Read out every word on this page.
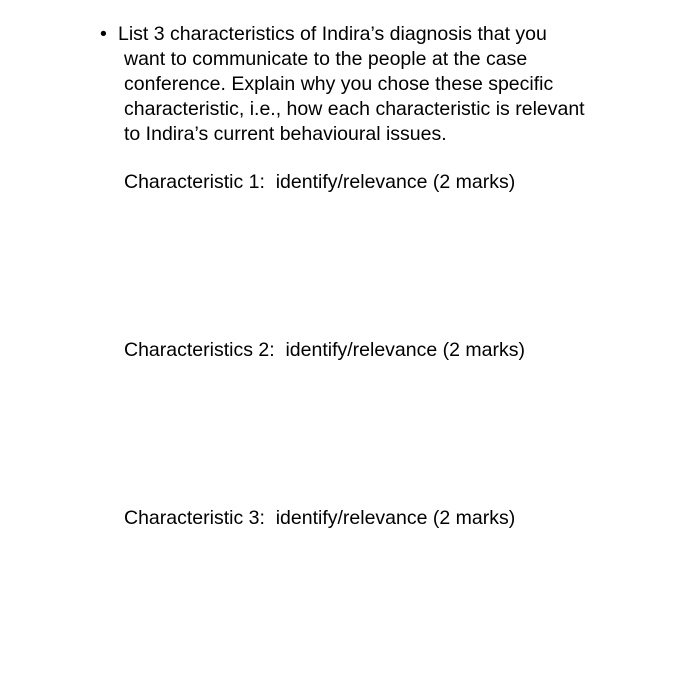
• List 3 characteristics of Indira’s diagnosis that you
want to communicate to the people at the case
conference. Explain why you chose these specific
characteristic, i.e., how each characteristic is relevant
to Indira’s current behavioural issues.
Characteristic 1:  identify/relevance (2 marks)
Characteristics 2:  identify/relevance (2 marks)
Characteristic 3:  identify/relevance (2 marks)
